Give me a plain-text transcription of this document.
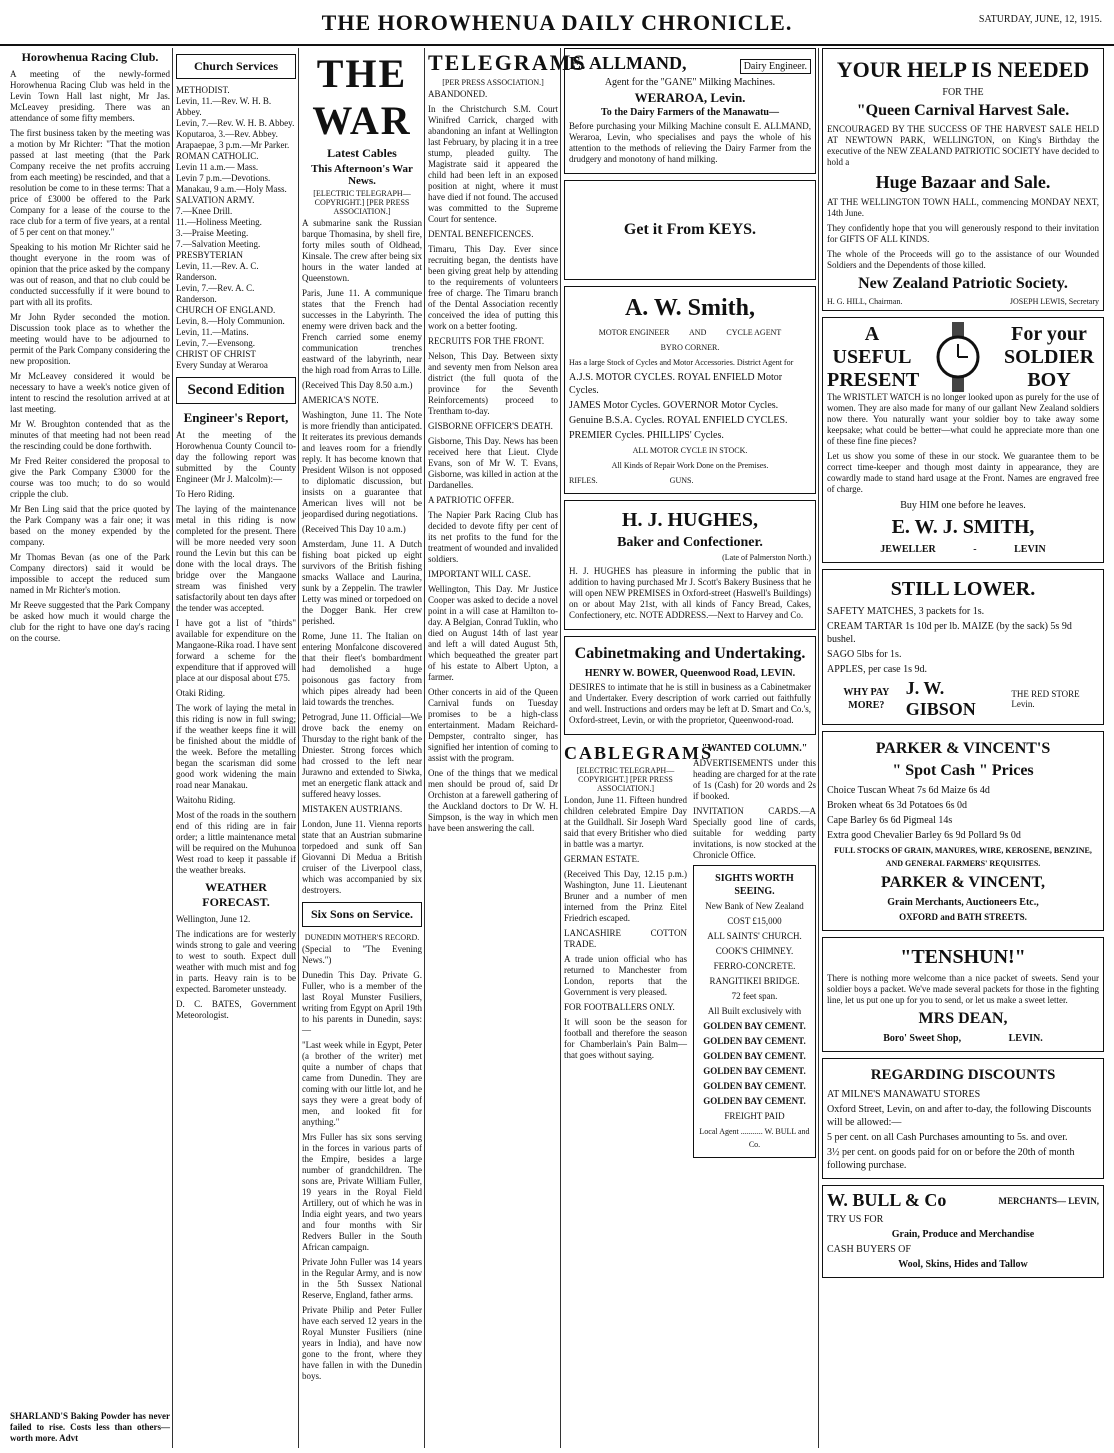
THE HOROWHENUA DAILY CHRONICLE.	SATURDAY, JUNE, 12, 1915.
Horowhenua Racing Club.
A meeting of the newly-formed Horowhenua Racing Club was held in the Levin Town Hall last night, Mr Jas. McLeavey presiding. There was an attendance of some fifty members.
The first business taken by the meeting was a motion by Mr Richter: "That the motion passed at last meeting (that the Park Company receive the net profits accruing from each meeting) be rescinded, and that a resolution be come to in these terms: That a price of £3000 be offered to the Park Company for a lease of the course to the race club for a term of five years, at a rental of 5 per cent on that money."
Speaking to his motion Mr Richter said he thought everyone in the room was of opinion that the price asked by the company was out of reason, and that no club could be conducted successfully if it were bound to part with all its profits.
Mr John Ryder seconded the motion. Discussion took place as to whether the meeting would have to be adjourned to permit of the Park Company considering the new proposition.
Mr McLeavey considered it would be necessary to have a week's notice given of intent to rescind the resolution arrived at at last meeting.
Mr W. Broughton contended that as the minutes of that meeting had not been read the rescinding could be done forthwith.
Mr Fred Reiter considered the proposal to give the Park Company £3000 for the course was too much; to do so would cripple the club.
Mr Ben Ling said that the price quoted by the Park Company was a fair one; it was based on the money expended by the company.
Mr Thomas Bevan (as one of the Park Company directors) said it would be impossible to accept the reduced sum named in Mr Richter's motion.
Mr Reeve suggested that the Park Company be asked how much it would charge the club for the right to have one day's racing on the course.
SHARLAND'S Baking Powder has never failed to rise. Costs less than others—worth more. Advt
Church Services
METHODIST.
Levin, 11.—Rev. W. H. B. Abbey.
Levin, 7.—Rev. W. H. B. Abbey.
Koputaroa, 3.—Rev. Abbey.
Arapaepae, 3 p.m.—Mr Parker.
ROMAN CATHOLIC.
Levin 11 a.m.— Mass.
Levin 7 p.m.—Devotions.
Manakau, 9 a.m.—Holy Mass.
SALVATION ARMY.
7.—Knee Drill.
11.—Holiness Meeting.
3.—Praise Meeting.
7.—Salvation Meeting.
PRESBYTERIAN
Levin, 11.—Rev. A. C. Randerson.
Levin, 7.—Rev. A. C. Randerson.
CHURCH OF ENGLAND.
Levin, 8.—Holy Communion.
Levin, 11.—Matins.
Levin, 7.—Evensong.
CHRIST OF CHRIST
Every Sunday at Weraroa
Second Edition
Engineer's Report,
At the meeting of the Horowhenua County Council to-day the following report was submitted by the County Engineer (Mr J. Malcolm):—
To Hero Riding.
The laying of the maintenance metal in this riding is now completed for the present. There will be more needed very soon round the Levin but this can be done with the local drays. The bridge over the Mangaone stream was finished very satisfactorily about ten days after the tender was accepted.
I have got a list of "thirds" available for expenditure on the Mangaone-Rika road. I have sent forward a scheme for the expenditure that if approved will place at our disposal about £75.
Otaki Riding.
The work of laying the metal in this riding is now in full swing; if the weather keeps fine it will be finished about the middle of the week. Before the metalling began the scarisman did some good work widening the main road near Manakau.
Waitohu Riding.
Most of the roads in the southern end of this riding are in fair order; a little maintenance metal will be required on the Muhunoa West road to keep it passable if the weather breaks.
WEATHER FORECAST.
Wellington, June 12.
The indications are for westerly winds strong to gale and veering to west to south. Expect dull weather with much mist and fog in parts. Heavy rain is to be expected. Barometer unsteady.
D. C. BATES, Government Meteorologist.
THE WAR
Latest Cables
This Afternoon's War News.
[ELECTRIC TELEGRAPH—COPYRIGHT.] [PER PRESS ASSOCIATION.]
A submarine sank the Russian barque Thomasina, by shell fire, forty miles south of Oldhead, Kinsale. The crew after being six hours in the water landed at Queenstown.
Paris, June 11. A communique states that the French had successes in the Labyrinth. The enemy were driven back and the French carried some enemy communication trenches eastward of the labyrinth, near the high road from Arras to Lille.
(Received This Day 8.50 a.m.)
AMERICA'S NOTE.
Washington, June 11. The Note is more friendly than anticipated. It reiterates its previous demands and leaves room for a friendly reply. It has become known that President Wilson is not opposed to diplomatic discussion, but insists on a guarantee that American lives will not be jeopardised during negotiations.
(Received This Day 10 a.m.)
Amsterdam, June 11. A Dutch fishing boat picked up eight survivors of the British fishing smacks Wallace and Laurina, sunk by a Zeppelin. The trawler Letty was mined or torpedoed on the Dogger Bank. Her crew perished.
Rome, June 11. The Italian on entering Monfalcone discovered that their fleet's bombardment had demolished a huge poisonous gas factory from which pipes already had been laid towards the trenches.
Petrograd, June 11. Official—We drove back the enemy on Thursday to the right bank of the Dniester. Strong forces which had crossed to the left near Jurawno and extended to Siwka, met an energetic flank attack and suffered heavy losses.
MISTAKEN AUSTRIANS.
London, June 11. Vienna reports state that an Austrian submarine torpedoed and sunk off San Giovanni Di Medua a British cruiser of the Liverpool class, which was accompanied by six destroyers.
Six Sons on Service.
DUNEDIN MOTHER'S RECORD.
(Special to "The Evening News.")
Dunedin This Day. Private G. Fuller, who is a member of the last Royal Munster Fusiliers, writing from Egypt on April 19th to his parents in Dunedin, says:—
"Last week while in Egypt, Peter (a brother of the writer) met quite a number of chaps that came from Dunedin. They are coming with our little lot, and he says they were a great body of men, and looked fit for anything."
Mrs Fuller has six sons serving in the forces in various parts of the Empire, besides a large number of grandchildren. The sons are, Private William Fuller, 19 years in the Royal Field Artillery, out of which he was in India eight years, and two years and four months with Sir Redvers Buller in the South African campaign.
Private John Fuller was 14 years in the Regular Army, and is now in the 5th Sussex National Reserve, England, father arms.
Private Philip and Peter Fuller have each served 12 years in the Royal Munster Fusiliers (nine years in India), and have now gone to the front, where they have fallen in with the Dunedin boys.
TELEGRAMS
[PER PRESS ASSOCIATION.]
ABANDONED.
In the Christchurch S.M. Court Winifred Carrick, charged with abandoning an infant at Wellington last February, by placing it in a tree stump, pleaded guilty. The Magistrate said it appeared the child had been left in an exposed position at night, where it must have died if not found. The accused was committed to the Supreme Court for sentence.
DENTAL BENEFICENCES.
Timaru, This Day. Ever since recruiting began, the dentists have been giving great help by attending to the requirements of volunteers free of charge. The Timaru branch of the Dental Association recently conceived the idea of putting this work on a better footing.
RECRUITS FOR THE FRONT.
Nelson, This Day. Between sixty and seventy men from Nelson area district (the full quota of the province for the Seventh Reinforcements) proceed to Trentham to-day.
GISBORNE OFFICER'S DEATH.
Gisborne, This Day. News has been received here that Lieut. Clyde Evans, son of Mr W. T. Evans, Gisborne, was killed in action at the Dardanelles.
A PATRIOTIC OFFER.
The Napier Park Racing Club has decided to devote fifty per cent of its net profits to the fund for the treatment of wounded and invalided soldiers.
IMPORTANT WILL CASE.
Wellington, This Day. Mr Justice Cooper was asked to decide a novel point in a will case at Hamilton to-day. A Belgian, Conrad Tuklin, who died on August 14th of last year and left a will dated August 5th, which bequeathed the greater part of his estate to Albert Upton, a farmer.
Other concerts in aid of the Queen Carnival funds on Tuesday promises to be a high-class entertainment. Madam Reichard-Dempster, contralto singer, has signified her intention of coming to assist with the program.
One of the things that we medical men should be proud of, said Dr Orchiston at a farewell gathering of the Auckland doctors to Dr W. H. Simpson, is the way in which men have been answering the call.
E. ALLMAND,	Dairy Engineer.
Agent for the "GANE" Milking Machines.
WERAROA, Levin.
To the Dairy Farmers of the Manawatu—
Before purchasing your Milking Machine consult E. ALLMAND, Weraroa, Levin, who specialises and pays the whole of his attention to the methods of relieving the Dairy Farmer from the drudgery and monotony of hand milking.
Get it From KEYS.
A. W. Smith,
MOTOR ENGINEER          AND          CYCLE AGENT
BYRO CORNER.
Has a large Stock of Cycles and Motor Accessories. District Agent for
A.J.S. MOTOR CYCLES. ROYAL ENFIELD Motor Cycles.
JAMES Motor Cycles. GOVERNOR Motor Cycles.
Genuine B.S.A. Cycles. ROYAL ENFIELD CYCLES.
PREMIER Cycles. PHILLIPS' Cycles.
ALL MOTOR CYCLE IN STOCK.
All Kinds of Repair Work Done on the Premises.
RIFLES.                                    GUNS.
H. J. HUGHES,
Baker and Confectioner.
(Late of Palmerston North.)
H. J. HUGHES has pleasure in informing the public that in addition to having purchased Mr J. Scott's Bakery Business that he will open NEW PREMISES in Oxford-street (Haswell's Buildings) on or about May 21st, with all kinds of Fancy Bread, Cakes, Confectionery, etc. NOTE ADDRESS.—Next to Harvey and Co.
Cabinetmaking and Undertaking.
HENRY W. BOWER, Queenwood Road, LEVIN.
DESIRES to intimate that he is still in business as a Cabinetmaker and Undertaker. Every description of work carried out faithfully and well. Instructions and orders may be left at D. Smart and Co.'s, Oxford-street, Levin, or with the proprietor, Queenwood-road.
CABLEGRAMS
[ELECTRIC TELEGRAPH—COPYRIGHT.] [PER PRESS ASSOCIATION.]
London, June 11. Fifteen hundred children celebrated Empire Day at the Guildhall. Sir Joseph Ward said that every Britisher who died in battle was a martyr.
GERMAN ESTATE.
(Received This Day, 12.15 p.m.) Washington, June 11. Lieutenant Bruner and a number of men interned from the Prinz Eitel Friedrich escaped.
LANCASHIRE COTTON TRADE.
A trade union official who has returned to Manchester from London, reports that the Government is very pleased.
FOR FOOTBALLERS ONLY.
It will soon be the season for football and therefore the season for Chamberlain's Pain Balm—that goes without saying.
"WANTED COLUMN."
ADVERTISEMENTS under this heading are charged for at the rate of 1s (Cash) for 20 words and 2s if booked.
INVITATION CARDS.—A Specially good line of cards, suitable for wedding party invitations, is now stocked at the Chronicle Office.
SIGHTS WORTH SEEING.
New Bank of New Zealand
COST £15,000
ALL SAINTS' CHURCH.
COOK'S CHIMNEY.
FERRO-CONCRETE.
RANGITIKEI BRIDGE.
72 feet span.
All Built exclusively with
GOLDEN BAY CEMENT.
GOLDEN BAY CEMENT.
GOLDEN BAY CEMENT.
GOLDEN BAY CEMENT.
GOLDEN BAY CEMENT.
GOLDEN BAY CEMENT.
FREIGHT PAID
Local Agent ........... W. BULL and Co.
YOUR HELP IS NEEDED
FOR THE
"Queen Carnival Harvest Sale.
ENCOURAGED BY THE SUCCESS OF THE HARVEST SALE HELD AT NEWTOWN PARK, WELLINGTON, on King's Birthday the executive of the NEW ZEALAND PATRIOTIC SOCIETY have decided to hold a
Huge Bazaar and Sale.
AT THE WELLINGTON TOWN HALL, commencing MONDAY NEXT, 14th June.
They confidently hope that you will generously respond to their invitation for GIFTS OF ALL KINDS.
The whole of the Proceeds will go to the assistance of our Wounded Soldiers and the Dependents of those killed.
New Zealand Patriotic Society.
H. G. HILL, Chairman.	JOSEPH LEWIS, Secretary
A USEFUL PRESENT
For your SOLDIER BOY
The WRISTLET WATCH is no longer looked upon as purely for the use of women. They are also made for many of our gallant New Zealand soldiers now there. You naturally want your soldier boy to take away some keepsake; what could be better—what could he appreciate more than one of these fine fine pieces?
Let us show you some of these in our stock. We guarantee them to be correct time-keeper and though most dainty in appearance, they are cowardly made to stand hard usage at the Front. Names are engraved free of charge.
Buy HIM one before he leaves.
E. W. J. SMITH,
JEWELLER               -               LEVIN
STILL LOWER.
SAFETY MATCHES, 3 packets for 1s.
CREAM TARTAR 1s 10d per lb. MAIZE (by the sack) 5s 9d bushel.
SAGO 5lbs for 1s.
APPLES, per case 1s 9d.
WHY PAY MORE?
J. W. GIBSON
THE RED STORE Levin.
PARKER & VINCENT'S
" Spot Cash " Prices
Choice Tuscan Wheat 7s 6d Maize 6s 4d
Broken wheat 6s 3d Potatoes 6s 0d
Cape Barley 6s 6d Pigmeal 14s
Extra good Chevalier Barley 6s 9d Pollard 9s 0d
FULL STOCKS OF GRAIN, MANURES, WIRE, KEROSENE, BENZINE, AND GENERAL FARMERS' REQUISITES.
PARKER & VINCENT,
Grain Merchants, Auctioneers Etc.,
OXFORD and BATH STREETS.
"TENSHUN!"
There is nothing more welcome than a nice packet of sweets. Send your soldier boys a packet. We've made several packets for those in the fighting line, let us put one up for you to send, or let us make a sweet letter.
MRS DEAN,
Boro' Sweet Shop,                   LEVIN.
REGARDING DISCOUNTS
AT MILNE'S MANAWATU STORES
Oxford Street, Levin, on and after to-day, the following Discounts will be allowed:—
5 per cent. on all Cash Purchases amounting to 5s. and over.
3½ per cent. on goods paid for on or before the 20th of month following purchase.
W. BULL & Co	MERCHANTS— LEVIN,
TRY US FOR
Grain, Produce and Merchandise
CASH BUYERS OF
Wool, Skins, Hides and Tallow
